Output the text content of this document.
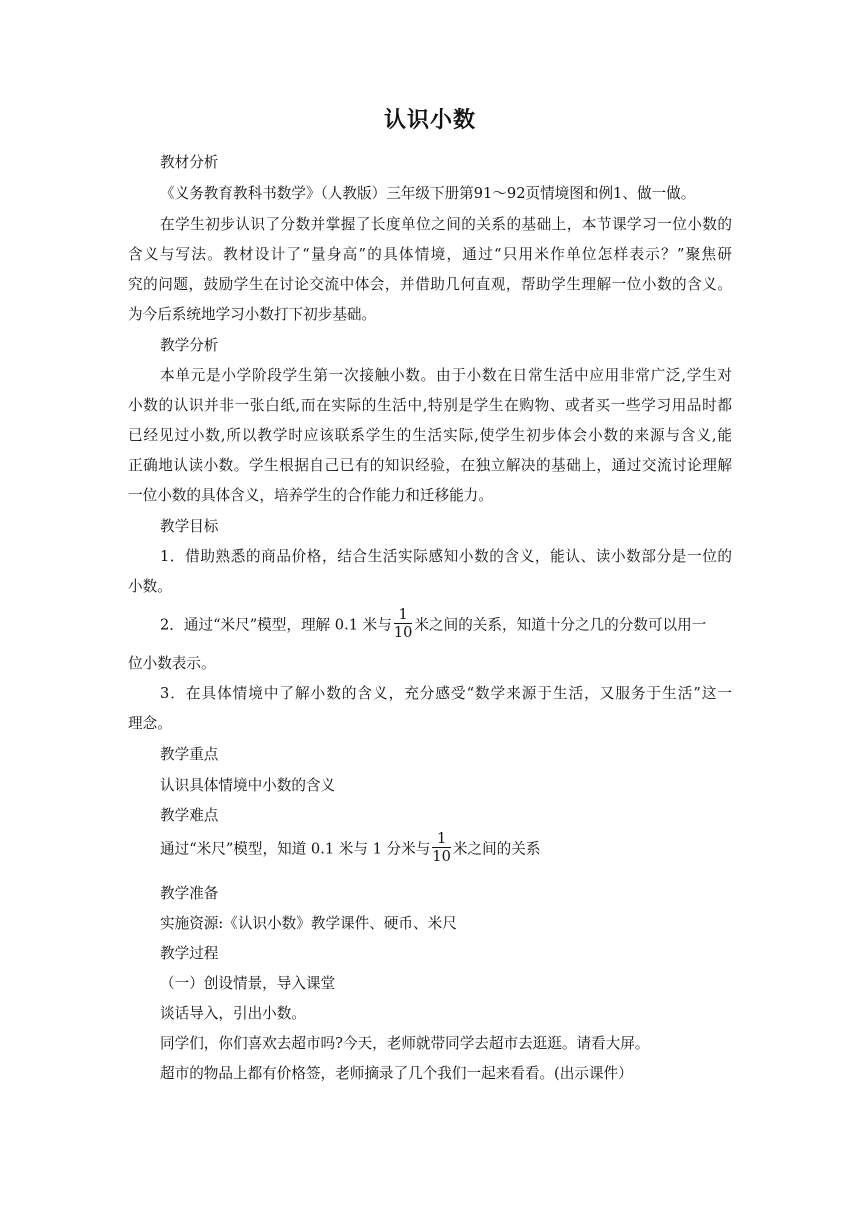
认识小数
教材分析
《义务教育教科书数学》（人教版）三年级下册第91～92页情境图和例1、做一做。
在学生初步认识了分数并掌握了长度单位之间的关系的基础上，本节课学习一位小数的
含义与写法。教材设计了“量身高”的具体情境，通过“只用米作单位怎样表示？”聚焦研
究的问题，鼓励学生在讨论交流中体会，并借助几何直观，帮助学生理解一位小数的含义。
为今后系统地学习小数打下初步基础。
教学分析
本单元是小学阶段学生第一次接触小数。由于小数在日常生活中应用非常广泛,学生对
小数的认识并非一张白纸,而在实际的生活中,特别是学生在购物、或者买一些学习用品时都
已经见过小数,所以教学时应该联系学生的生活实际,使学生初步体会小数的来源与含义,能
正确地认读小数。学生根据自己已有的知识经验，在独立解决的基础上，通过交流讨论理解
一位小数的具体含义，培养学生的合作能力和迁移能力。
教学目标
1．借助熟悉的商品价格，结合生活实际感知小数的含义，能认、读小数部分是一位的
小数。
2．通过“米尺”模型，理解 0.1 米与 $\frac{1}{10}$ 米之间的关系，知道十分之几的分数可以用一
位小数表示。
3．在具体情境中了解小数的含义，充分感受“数学来源于生活，又服务于生活”这一
理念。
教学重点
认识具体情境中小数的含义
教学难点
通过“米尺”模型，知道 0.1 米与 1 分米与 $\frac{1}{10}$ 米之间的关系
教学准备
实施资源:《认识小数》教学课件、硬币、米尺
教学过程
（一）创设情景，导入课堂
谈话导入，引出小数。
同学们，你们喜欢去超市吗?今天，老师就带同学去超市去逛逛。请看大屏。
超市的物品上都有价格签，老师摘录了几个我们一起来看看。(出示课件）
